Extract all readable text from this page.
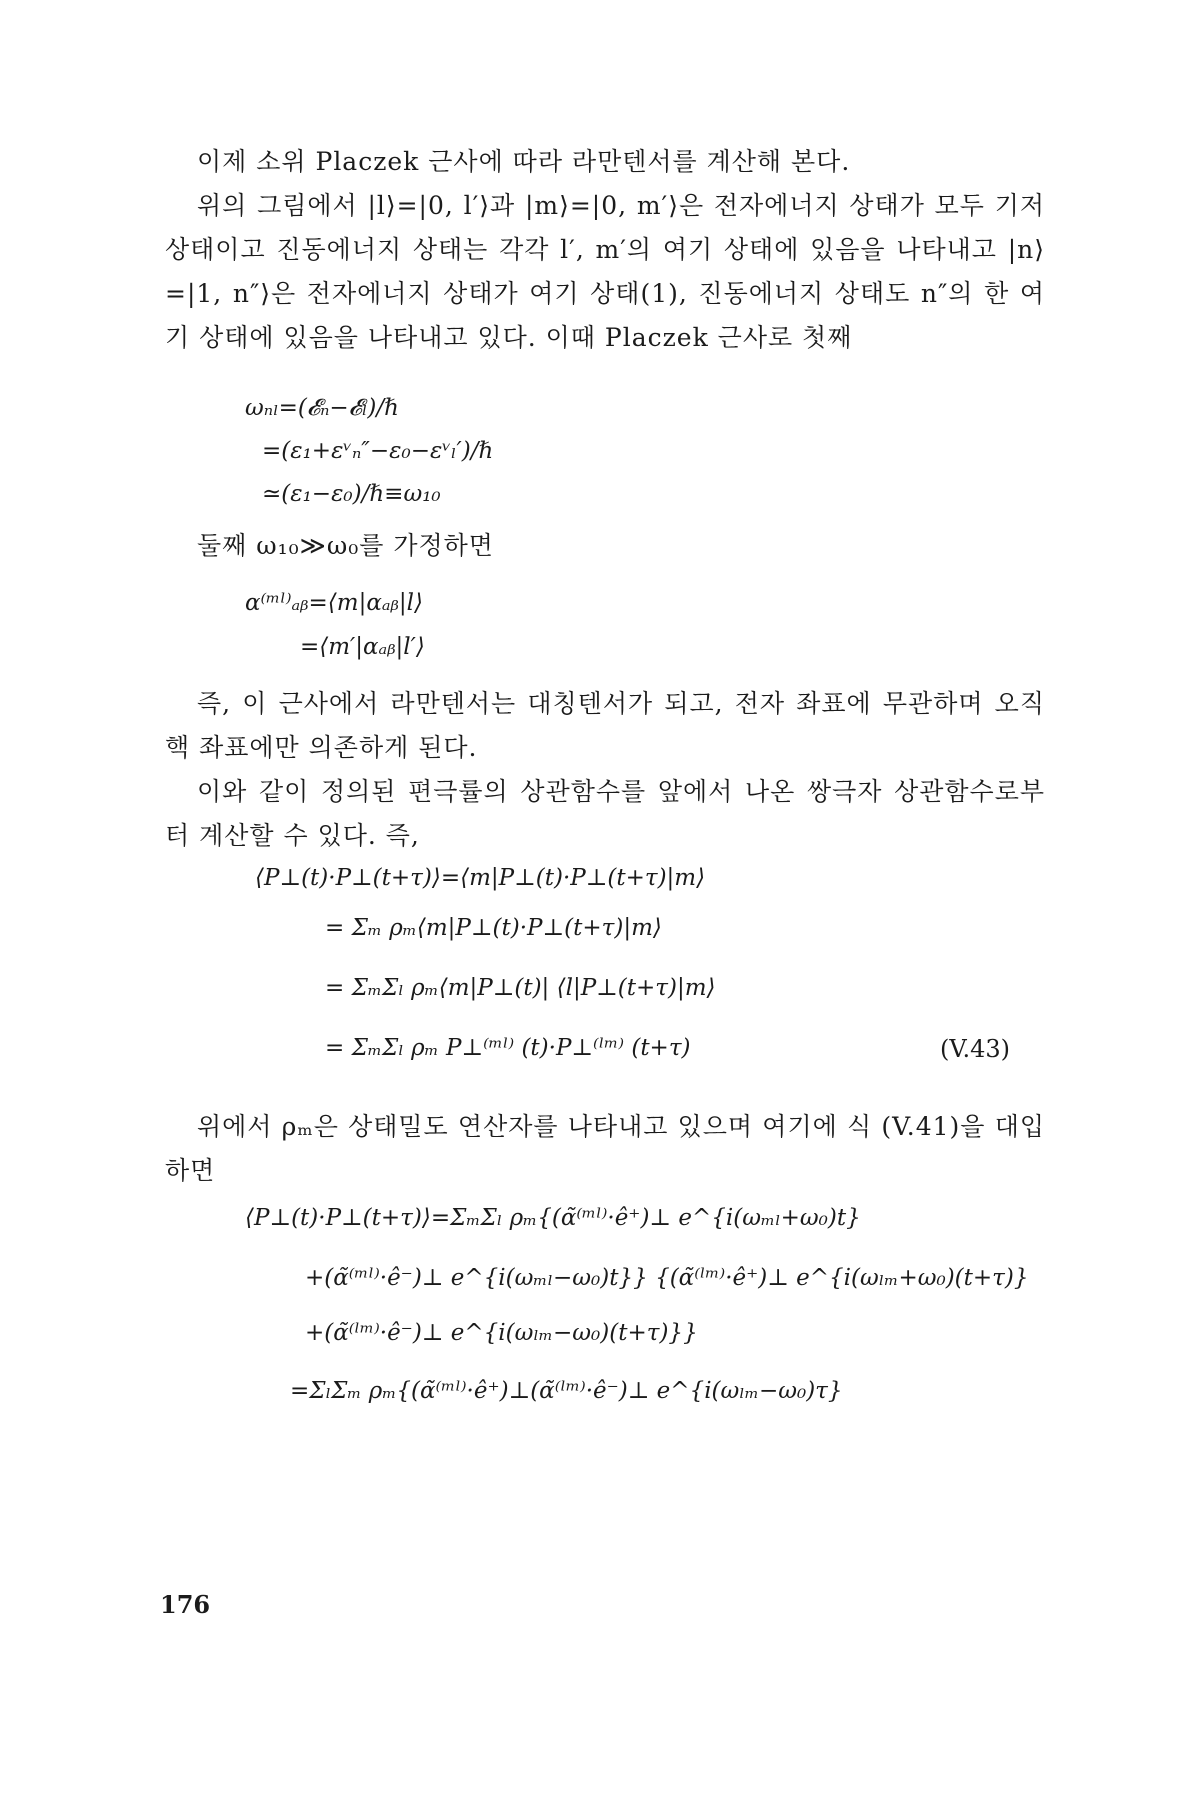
이제 소위 Placzek 근사에 따라 라만텐서를 계산해 본다.

위의 그림에서 |l⟩=|0, l′⟩과 |m⟩=|0, m′⟩은 전자에너지 상태가 모두 기저 상태이고 진동에너지 상태는 각각 l′, m′의 여기 상태에 있음을 나타내고 |n⟩=|1, n″⟩은 전자에너지 상태가 여기 상태(1), 진동에너지 상태도 n″의 한 여기 상태에 있음을 나타내고 있다. 이때 Placzek 근사로 첫째

ωₙₗ=(𝓔ₙ−𝓔ₗ)/ℏ
=(ε₁+εᵛₙ″−ε₀−εᵛₗ′)/ℏ
≃(ε₁−ε₀)/ℏ≡ω₁₀

둘째 ω₁₀≫ω₀를 가정하면

α⁽ᵐˡ⁾ₐᵦ=⟨m|αₐᵦ|l⟩
=⟨m′|αₐᵦ|l′⟩

즉, 이 근사에서 라만텐서는 대칭텐서가 되고, 전자 좌표에 무관하며 오직 핵 좌표에만 의존하게 된다.

이와 같이 정의된 편극률의 상관함수를 앞에서 나온 쌍극자 상관함수로부터 계산할 수 있다. 즉,

⟨P⊥(t)·P⊥(t+τ)⟩=⟨m|P⊥(t)·P⊥(t+τ)|m⟩
= Σₘ ρₘ⟨m|P⊥(t)·P⊥(t+τ)|m⟩
= ΣₘΣₗ ρₘ⟨m|P⊥(t)| ⟨l|P⊥(t+τ)|m⟩
= ΣₘΣₗ ρₘ P⊥⁽ᵐˡ⁾ (t)·P⊥⁽ˡᵐ⁾ (t+τ)	(V.43)

위에서 ρₘ은 상태밀도 연산자를 나타내고 있으며 여기에 식 (V.41)을 대입하면

⟨P⊥(t)·P⊥(t+τ)⟩=ΣₘΣₗ ρₘ{(α̃⁽ᵐˡ⁾·ê⁺)⊥ e^{i(ωₘₗ+ω₀)t}
+(α̃⁽ᵐˡ⁾·ê⁻)⊥ e^{i(ωₘₗ−ω₀)t}} {(α̃⁽ˡᵐ⁾·ê⁺)⊥ e^{i(ωₗₘ+ω₀)(t+τ)}
+(α̃⁽ˡᵐ⁾·ê⁻)⊥ e^{i(ωₗₘ−ω₀)(t+τ)}}
=ΣₗΣₘ ρₘ{(α̃⁽ᵐˡ⁾·ê⁺)⊥(α̃⁽ˡᵐ⁾·ê⁻)⊥ e^{i(ωₗₘ−ω₀)τ}
176
